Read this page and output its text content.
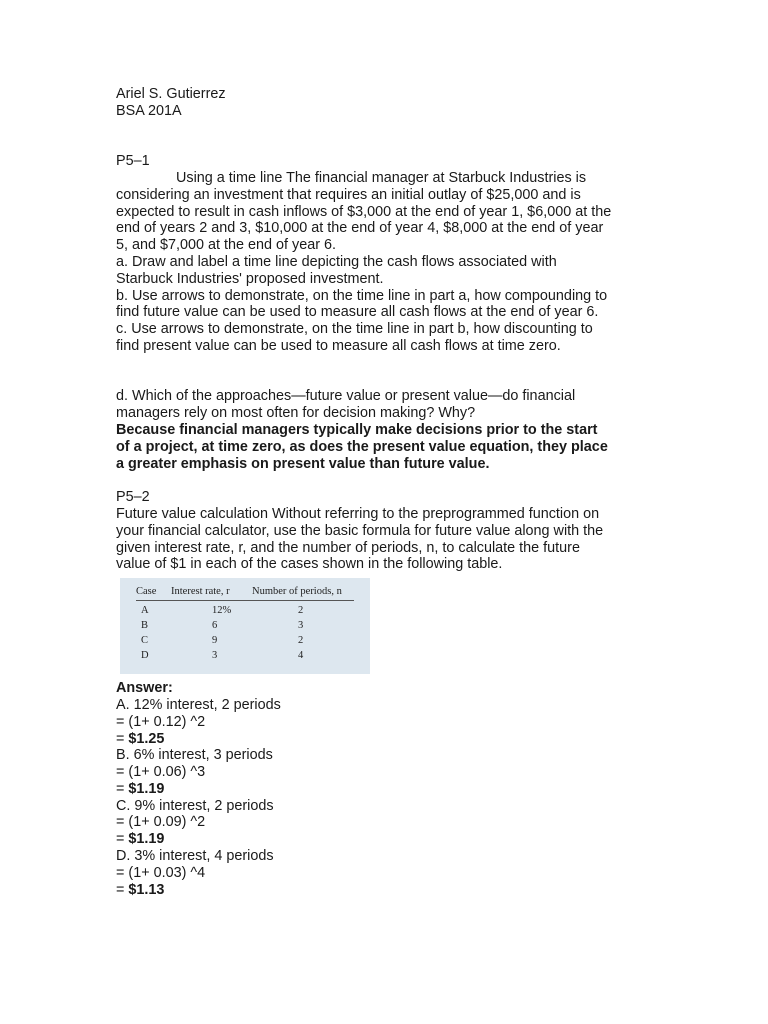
Ariel S. Gutierrez
BSA 201A
P5–1
Using a time line The financial manager at Starbuck Industries is
considering an investment that requires an initial outlay of $25,000 and is
expected to result in cash inflows of $3,000 at the end of year 1, $6,000 at the
end of years 2 and 3, $10,000 at the end of year 4, $8,000 at the end of year
5, and $7,000 at the end of year 6.
a. Draw and label a time line depicting the cash flows associated with
Starbuck Industries' proposed investment.
b. Use arrows to demonstrate, on the time line in part a, how compounding to
find future value can be used to measure all cash flows at the end of year 6.
c. Use arrows to demonstrate, on the time line in part b, how discounting to
find present value can be used to measure all cash flows at time zero.
d. Which of the approaches—future value or present value—do financial
managers rely on most often for decision making? Why?
Because financial managers typically make decisions prior to the start
of a project, at time zero, as does the present value equation, they place
a greater emphasis on present value than future value.
P5–2
Future value calculation Without referring to the preprogrammed function on
your financial calculator, use the basic formula for future value along with the
given interest rate, r, and the number of periods, n, to calculate the future
value of $1 in each of the cases shown in the following table.
Case Interest rate, r Number of periods, n
A	12%	2
B	6	3
C	9	2
D	3	4
Answer:
A. 12% interest, 2 periods
= (1+ 0.12) ^2
= $1.25
B. 6% interest, 3 periods
= (1+ 0.06) ^3
= $1.19
C. 9% interest, 2 periods
= (1+ 0.09) ^2
= $1.19
D. 3% interest, 4 periods
= (1+ 0.03) ^4
= $1.13
